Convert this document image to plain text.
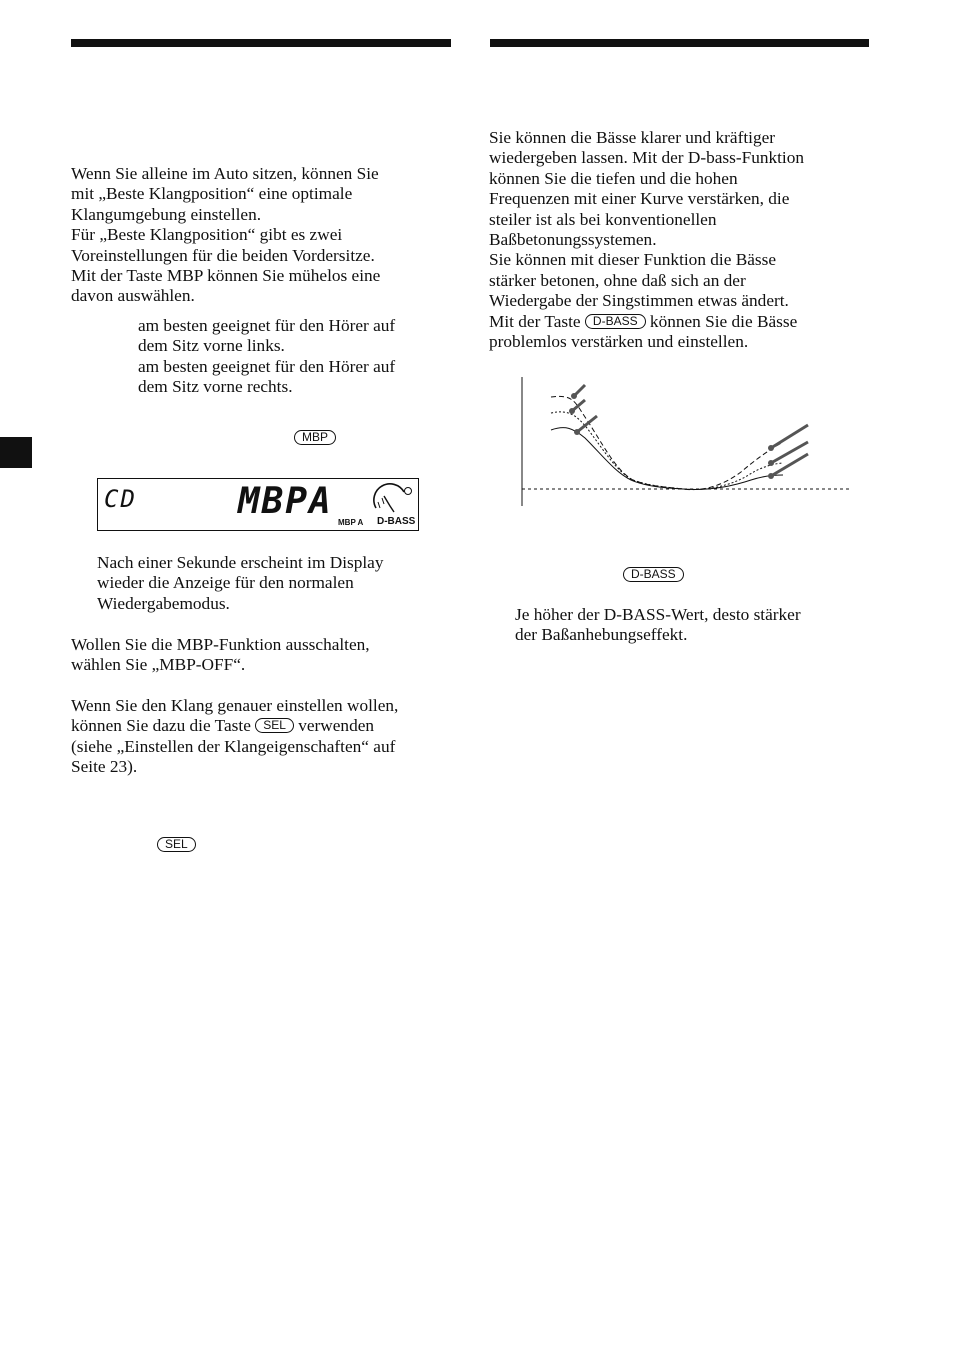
Wenn Sie alleine im Auto sitzen, können Sie
mit „Beste Klangposition“ eine optimale
Klangumgebung einstellen.
Für „Beste Klangposition“ gibt es zwei
Voreinstellungen für die beiden Vordersitze.
Mit der Taste MBP können Sie mühelos eine
davon auswählen.
am besten geeignet für den Hörer auf
dem Sitz vorne links.
am besten geeignet für den Hörer auf
dem Sitz vorne rechts.
MBP
CD	MBPA
MBP A D-BASS
Nach einer Sekunde erscheint im Display
wieder die Anzeige für den normalen
Wiedergabemodus.
Wollen Sie die MBP-Funktion ausschalten,
wählen Sie „MBP-OFF“.
Wenn Sie den Klang genauer einstellen wollen,
können Sie dazu die Taste SEL verwenden
(siehe „Einstellen der Klangeigenschaften“ auf
Seite 23).
SEL
Sie können die Bässe klarer und kräftiger
wiedergeben lassen. Mit der D-bass-Funktion
können Sie die tiefen und die hohen
Frequenzen mit einer Kurve verstärken, die
steiler ist als bei konventionellen
Baßbetonungssystemen.
Sie können mit dieser Funktion die Bässe
stärker betonen, ohne daß sich an der
Wiedergabe der Singstimmen etwas ändert.
Mit der Taste D-BASS können Sie die Bässe
problemlos verstärken und einstellen.
D-BASS
Je höher der D-BASS-Wert, desto stärker
der Baßanhebungseffekt.
